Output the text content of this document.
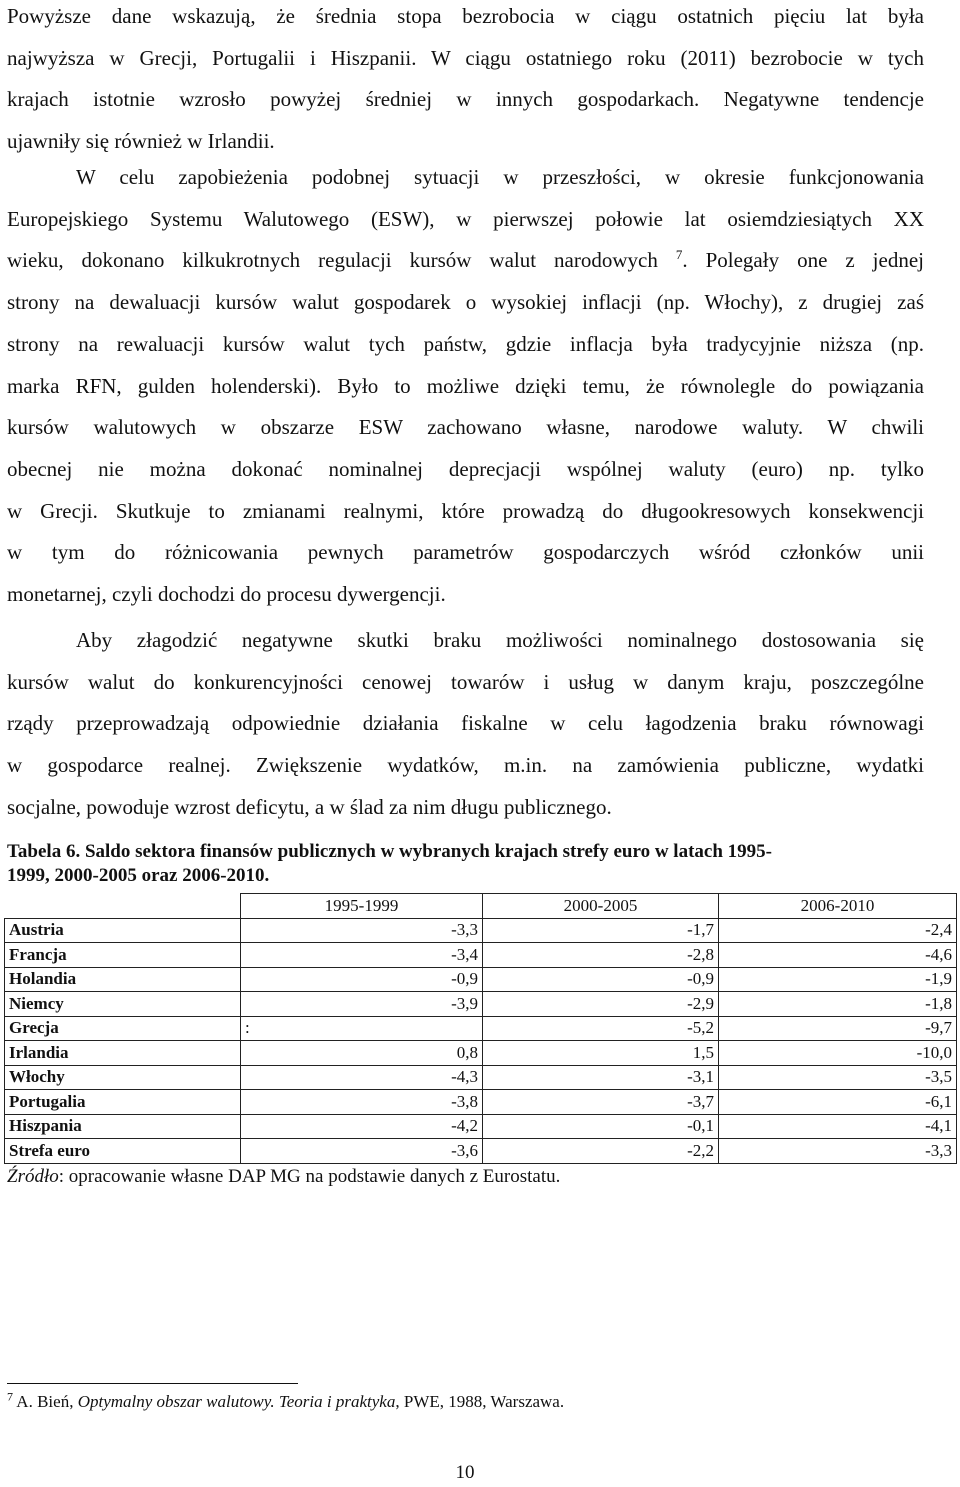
Powyższe dane wskazują, że średnia stopa bezrobocia w ciągu ostatnich pięciu lat była
najwyższa w Grecji, Portugalii i Hiszpanii. W ciągu ostatniego roku (2011) bezrobocie w tych
krajach istotnie wzrosło powyżej średniej w innych gospodarkach. Negatywne tendencje
ujawniły się również w Irlandii.
W celu zapobieżenia podobnej sytuacji w przeszłości, w okresie funkcjonowania
Europejskiego Systemu Walutowego (ESW), w pierwszej połowie lat osiemdziesiątych XX
wieku, dokonano kilkukrotnych regulacji kursów walut narodowych $^7$. Polegały one z jednej
strony na dewaluacji kursów walut gospodarek o wysokiej inflacji (np. Włochy), z drugiej zaś
strony na rewaluacji kursów walut tych państw, gdzie inflacja była tradycyjnie niższa (np.
marka RFN, gulden holenderski). Było to możliwe dzięki temu, że równolegle do powiązania
kursów walutowych w obszarze ESW zachowano własne, narodowe waluty. W chwili
obecnej nie można dokonać nominalnej deprecjacji wspólnej waluty (euro) np. tylko
w Grecji. Skutkuje to zmianami realnymi, które prowadzą do długookresowych konsekwencji
w tym do różnicowania pewnych parametrów gospodarczych wśród członków unii
monetarnej, czyli dochodzi do procesu dywergencji.
Aby złagodzić negatywne skutki braku możliwości nominalnego dostosowania się
kursów walut do konkurencyjności cenowej towarów i usług w danym kraju, poszczególne
rządy przeprowadzają odpowiednie działania fiskalne w celu łagodzenia braku równowagi
w gospodarce realnej. Zwiększenie wydatków, m.in. na zamówienia publiczne, wydatki
socjalne, powoduje wzrost deficytu, a w ślad za nim długu publicznego.

Tabela 6. Saldo sektora finansów publicznych w wybranych krajach strefy euro w latach 1995-
1999, 2000-2005 oraz 2006-2010.

	1995-1999	2000-2005	2006-2010
Austria	-3,3	-1,7	-2,4
Francja	-3,4	-2,8	-4,6
Holandia	-0,9	-0,9	-1,9
Niemcy	-3,9	-2,9	-1,8
Grecja	:	-5,2	-9,7
Irlandia	0,8	1,5	-10,0
Włochy	-4,3	-3,1	-3,5
Portugalia	-3,8	-3,7	-6,1
Hiszpania	-4,2	-0,1	-4,1
Strefa euro	-3,6	-2,2	-3,3

Źródło: opracowanie własne DAP MG na podstawie danych z Eurostatu.

$^7$ A. Bień, Optymalny obszar walutowy. Teoria i praktyka, PWE, 1988, Warszawa.

10
